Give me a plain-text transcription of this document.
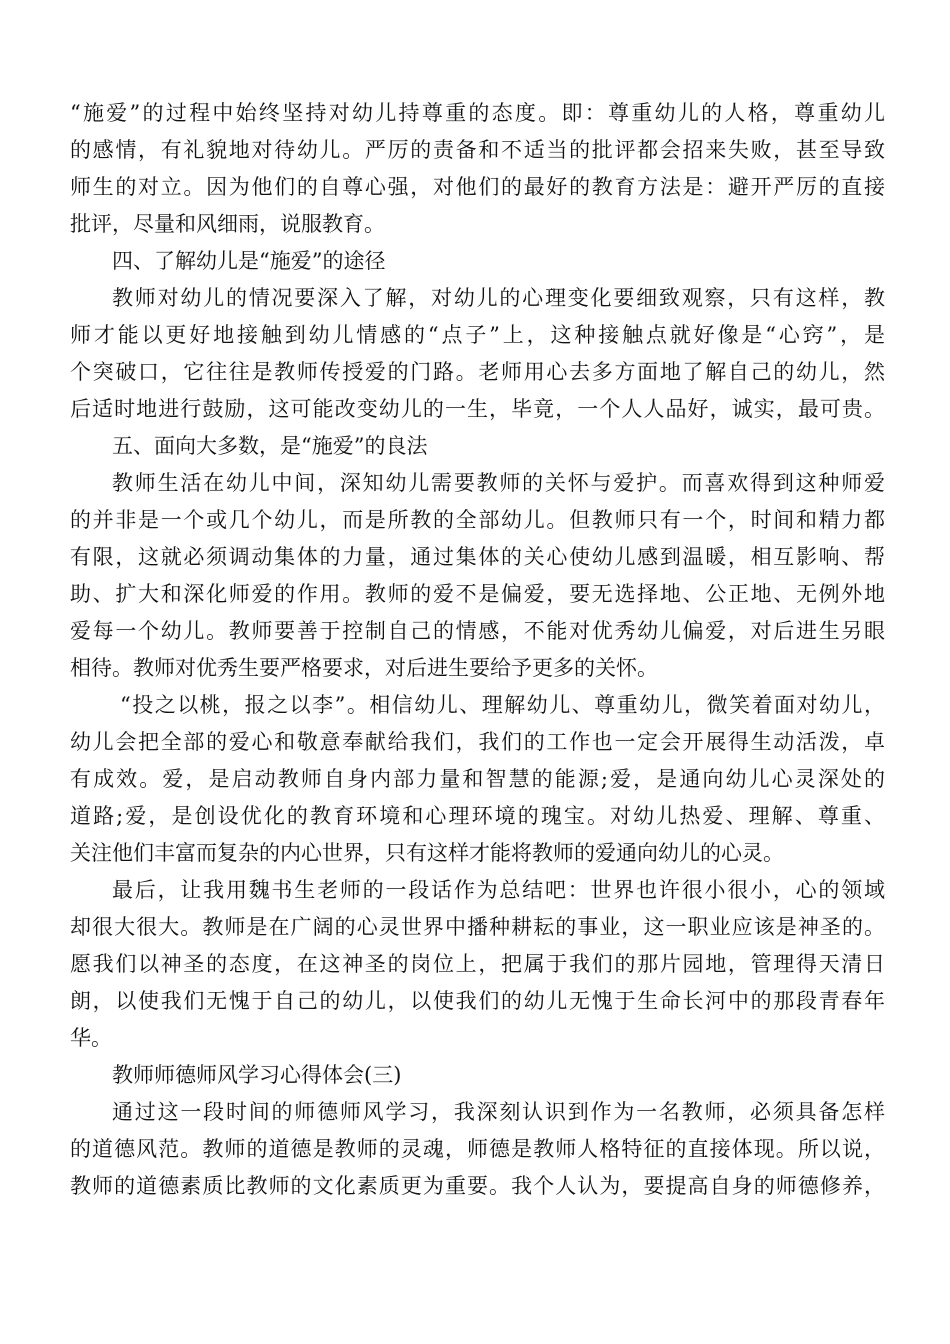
“施爱”的过程中始终坚持对幼儿持尊重的态度。即：尊重幼儿的人格，尊重幼儿
的感情，有礼貌地对待幼儿。严厉的责备和不适当的批评都会招来失败，甚至导致
师生的对立。因为他们的自尊心强，对他们的最好的教育方法是：避开严厉的直接
批评，尽量和风细雨，说服教育。
四、了解幼儿是“施爱”的途径
教师对幼儿的情况要深入了解，对幼儿的心理变化要细致观察，只有这样，教
师才能以更好地接触到幼儿情感的“点子”上，这种接触点就好像是“心窍”，是
个突破口，它往往是教师传授爱的门路。老师用心去多方面地了解自己的幼儿，然
后适时地进行鼓励，这可能改变幼儿的一生，毕竟，一个人人品好，诚实，最可贵。
五、面向大多数，是“施爱”的良法
教师生活在幼儿中间，深知幼儿需要教师的关怀与爱护。而喜欢得到这种师爱
的并非是一个或几个幼儿，而是所教的全部幼儿。但教师只有一个，时间和精力都
有限，这就必须调动集体的力量，通过集体的关心使幼儿感到温暖，相互影响、帮
助、扩大和深化师爱的作用。教师的爱不是偏爱，要无选择地、公正地、无例外地
爱每一个幼儿。教师要善于控制自己的情感，不能对优秀幼儿偏爱，对后进生另眼
相待。教师对优秀生要严格要求，对后进生要给予更多的关怀。
“投之以桃，报之以李”。相信幼儿、理解幼儿、尊重幼儿，微笑着面对幼儿，
幼儿会把全部的爱心和敬意奉献给我们，我们的工作也一定会开展得生动活泼，卓
有成效。爱，是启动教师自身内部力量和智慧的能源;爱，是通向幼儿心灵深处的
道路;爱，是创设优化的教育环境和心理环境的瑰宝。对幼儿热爱、理解、尊重、
关注他们丰富而复杂的内心世界，只有这样才能将教师的爱通向幼儿的心灵。
最后，让我用魏书生老师的一段话作为总结吧：世界也许很小很小，心的领域
却很大很大。教师是在广阔的心灵世界中播种耕耘的事业，这一职业应该是神圣的。
愿我们以神圣的态度，在这神圣的岗位上，把属于我们的那片园地，管理得天清日
朗，以使我们无愧于自己的幼儿，以使我们的幼儿无愧于生命长河中的那段青春年
华。
教师师德师风学习心得体会(三)
通过这一段时间的师德师风学习，我深刻认识到作为一名教师，必须具备怎样
的道德风范。教师的道德是教师的灵魂，师德是教师人格特征的直接体现。所以说，
教师的道德素质比教师的文化素质更为重要。我个人认为，要提高自身的师德修养，
